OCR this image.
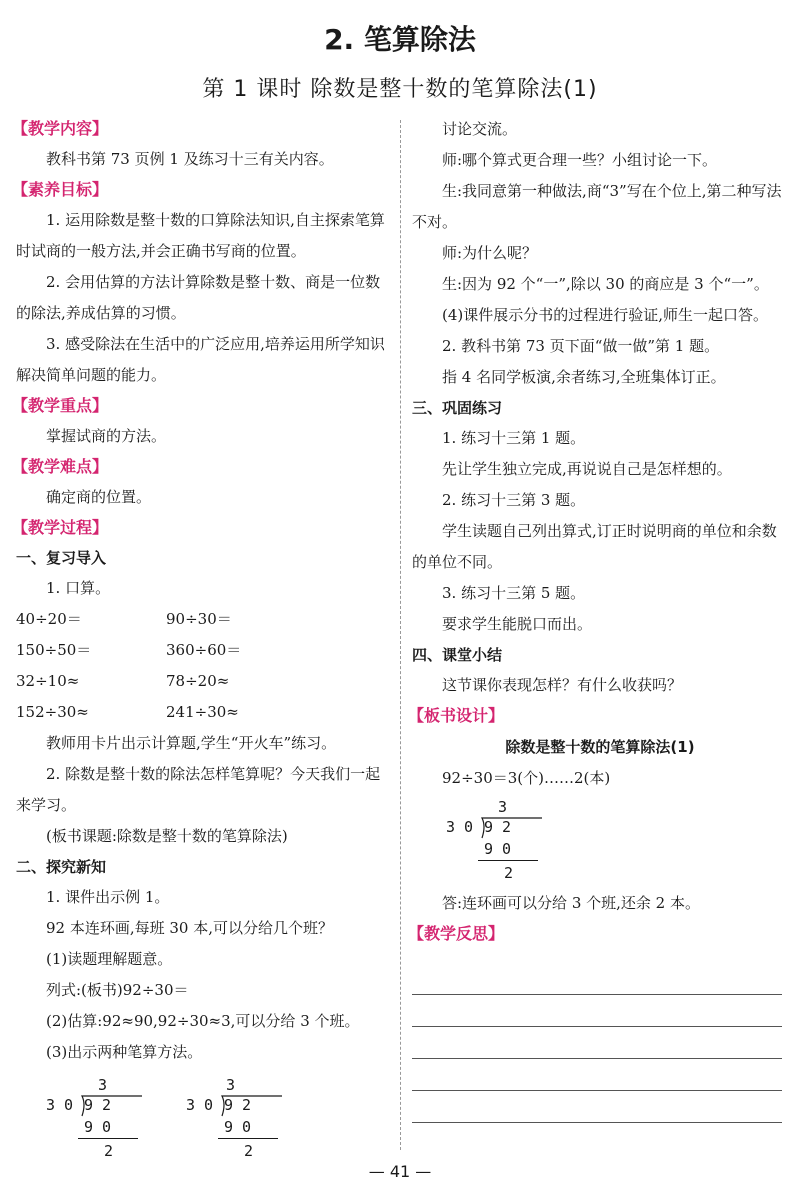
2. 笔算除法
第 1 课时 除数是整十数的笔算除法(1)
【教学内容】

教科书第 73 页例 1 及练习十三有关内容。

【素养目标】

1. 运用除数是整十数的口算除法知识,自主探索笔算时试商的一般方法,并会正确书写商的位置。

2. 会用估算的方法计算除数是整十数、商是一位数的除法,养成估算的习惯。

3. 感受除法在生活中的广泛应用,培养运用所学知识解决简单问题的能力。

【教学重点】

掌握试商的方法。

【教学难点】

确定商的位置。

【教学过程】
一、复习导入

1. 口算。

40÷20＝	90÷30＝
150÷50＝	360÷60＝
32÷10≈	78÷20≈
152÷30≈	241÷30≈

教师用卡片出示计算题,学生“开火车”练习。

2. 除数是整十数的除法怎样笔算呢？今天我们一起来学习。

(板书课题:除数是整十数的笔算除法)

二、探究新知

1. 课件出示例 1。

92 本连环画,每班 30 本,可以分给几个班？

(1)读题理解题意。

列式:(板书)92÷30＝

(2)估算:92≈90,92÷30≈3,可以分给 3 个班。

(3)出示两种笔算方法。

3
3 0 9 2
9 0
2
3
3 0 9 2
9 0
2

讨论交流。

师:哪个算式更合理一些？小组讨论一下。

生:我同意第一种做法,商“3”写在个位上,第二种写法不对。

师:为什么呢？

生:因为 92 个“一”,除以 30 的商应是 3 个“一”。

(4)课件展示分书的过程进行验证,师生一起口答。

2. 教科书第 73 页下面“做一做”第 1 题。

指 4 名同学板演,余者练习,全班集体订正。

三、巩固练习

1. 练习十三第 1 题。

先让学生独立完成,再说说自己是怎样想的。

2. 练习十三第 3 题。

学生读题自己列出算式,订正时说明商的单位和余数的单位不同。

3. 练习十三第 5 题。

要求学生能脱口而出。

四、课堂小结

这节课你表现怎样？有什么收获吗？

【板书设计】
除数是整十数的笔算除法(1)

92÷30＝3(个)……2(本)

3
3 0 9 2
9 0
2

答:连环画可以分给 3 个班,还余 2 本。

【教学反思】
— 41 —
